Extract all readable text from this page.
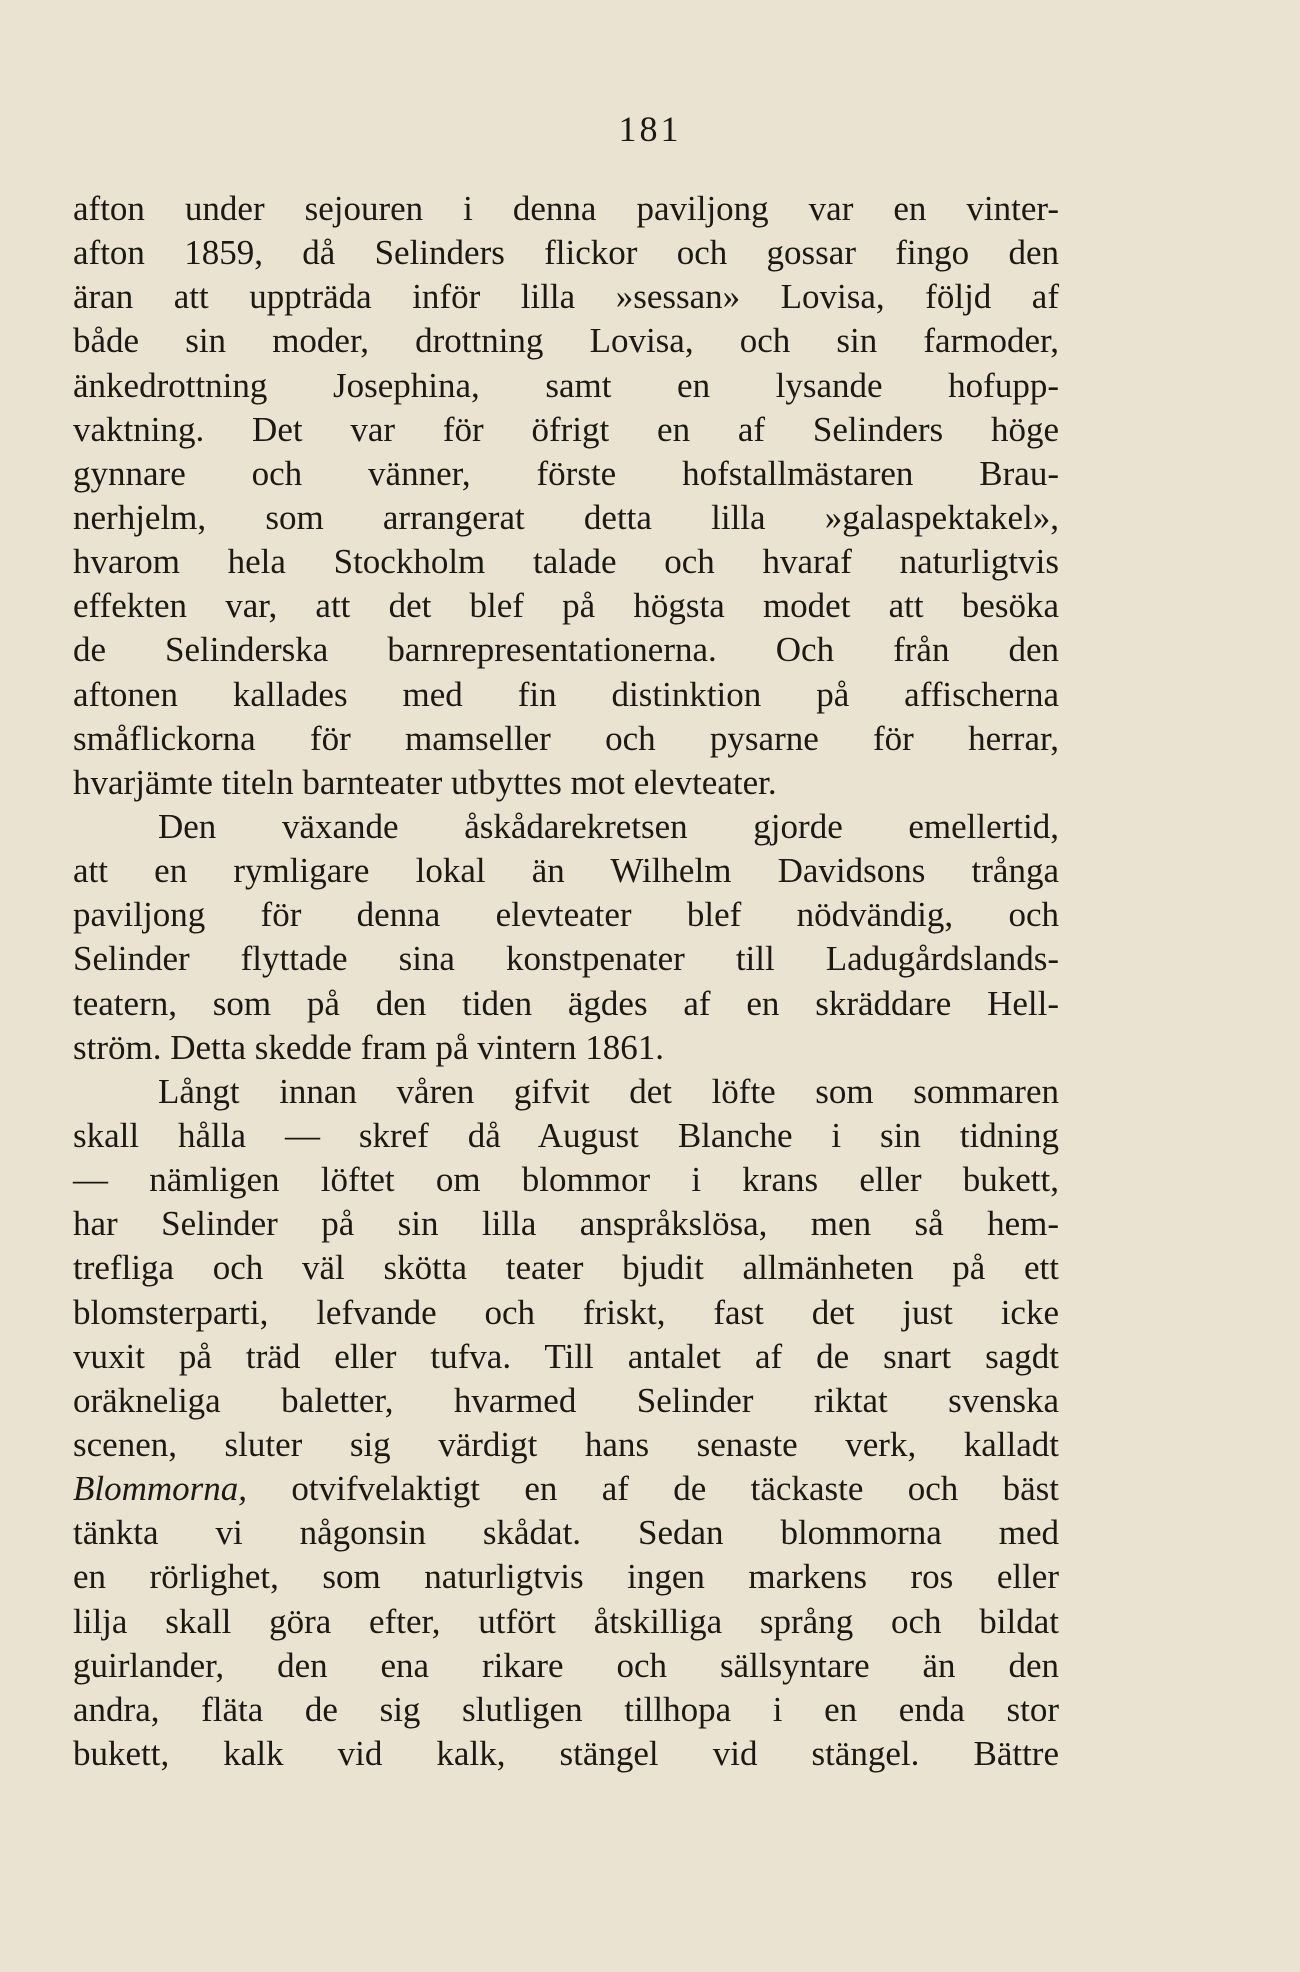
181
afton under sejouren i denna paviljong var en vinter-
afton 1859, då Selinders flickor och gossar fingo den
äran att uppträda inför lilla »sessan» Lovisa, följd af
både sin moder, drottning Lovisa, och sin farmoder,
änkedrottning Josephina, samt en lysande hofupp-
vaktning. Det var för öfrigt en af Selinders höge
gynnare och vänner, förste hofstallmästaren Brau-
nerhjelm, som arrangerat detta lilla »galaspektakel»,
hvarom hela Stockholm talade och hvaraf naturligtvis
effekten var, att det blef på högsta modet att besöka
de Selinderska barnrepresentationerna. Och från den
aftonen kallades med fin distinktion på affischerna
småflickorna för mamseller och pysarne för herrar,
hvarjämte titeln barnteater utbyttes mot elevteater.
Den växande åskådarekretsen gjorde emellertid,
att en rymligare lokal än Wilhelm Davidsons trånga
paviljong för denna elevteater blef nödvändig, och
Selinder flyttade sina konstpenater till Ladugårdslands-
teatern, som på den tiden ägdes af en skräddare Hell-
ström. Detta skedde fram på vintern 1861.
Långt innan våren gifvit det löfte som sommaren
skall hålla — skref då August Blanche i sin tidning
— nämligen löftet om blommor i krans eller bukett,
har Selinder på sin lilla anspråkslösa, men så hem-
trefliga och väl skötta teater bjudit allmänheten på ett
blomsterparti, lefvande och friskt, fast det just icke
vuxit på träd eller tufva. Till antalet af de snart sagdt
oräkneliga baletter, hvarmed Selinder riktat svenska
scenen, sluter sig värdigt hans senaste verk, kalladt
Blommorna, otvifvelaktigt en af de täckaste och bäst
tänkta vi någonsin skådat. Sedan blommorna med
en rörlighet, som naturligtvis ingen markens ros eller
lilja skall göra efter, utfört åtskilliga språng och bildat
guirlander, den ena rikare och sällsyntare än den
andra, fläta de sig slutligen tillhopa i en enda stor
bukett, kalk vid kalk, stängel vid stängel. Bättre
